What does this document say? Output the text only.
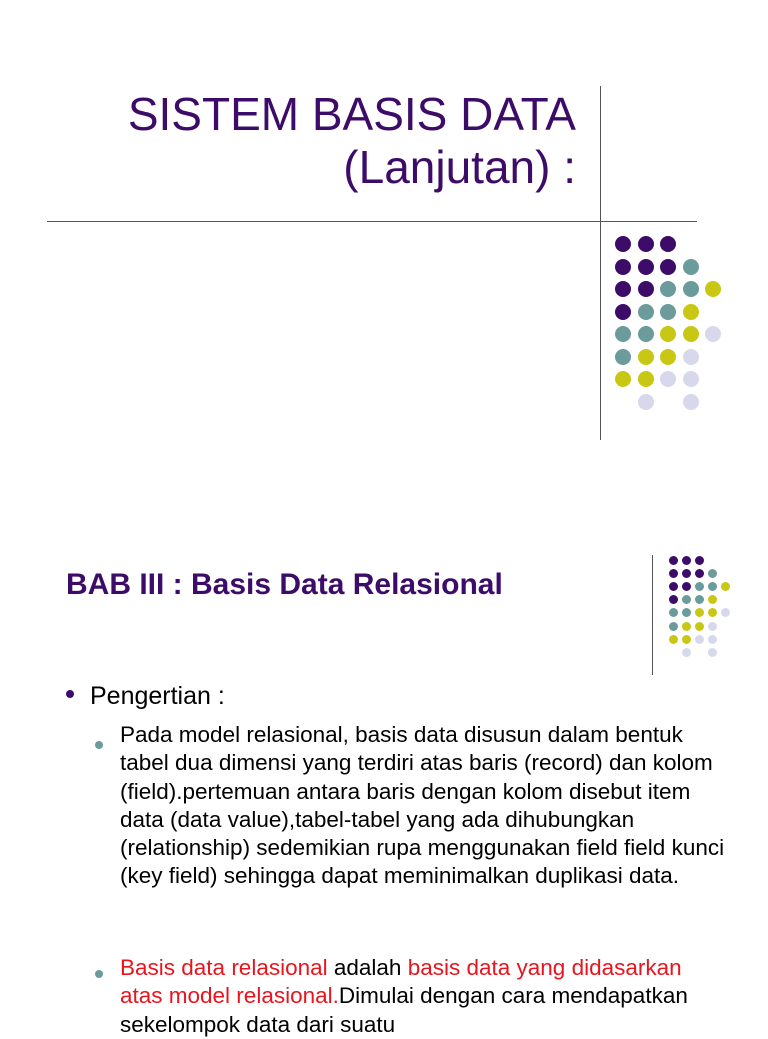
SISTEM BASIS DATA
(Lanjutan) :
BAB III : Basis Data Relasional

Pengertian :

Pada model relasional, basis data disusun dalam bentuk tabel dua dimensi yang terdiri atas baris (record) dan kolom (field).pertemuan antara baris dengan kolom disebut item data (data value),tabel-tabel yang ada dihubungkan (relationship) sedemikian rupa menggunakan field field kunci (key field) sehingga dapat meminimalkan duplikasi data.

Basis data relasional adalah basis data yang didasarkan atas model relasional.Dimulai dengan cara mendapatkan sekelompok data dari suatu
